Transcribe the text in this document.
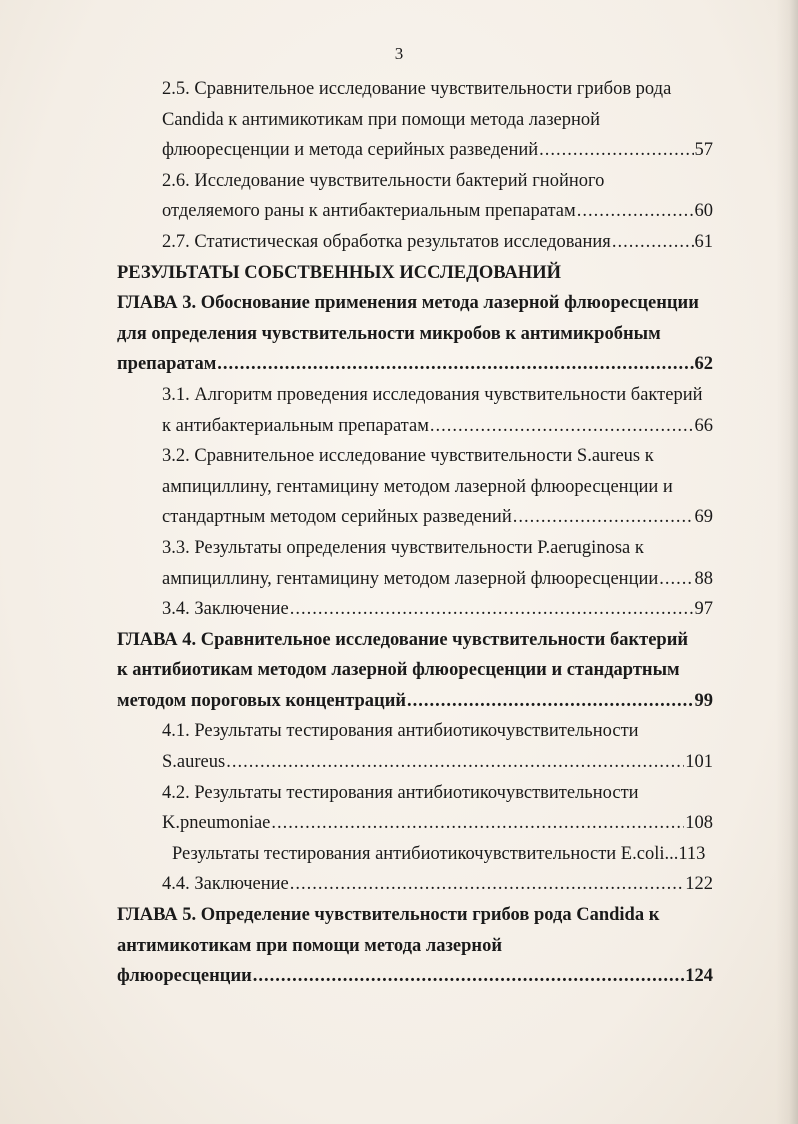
3
2.5. Сравнительное исследование чувствительности грибов рода
Candida к антимикотикам при помощи метода лазерной
флюоресценции и метода серийных разведений .....	57
2.6. Исследование чувствительности бактерий гнойного
отделяемого раны к антибактериальным препаратам .....	60
2.7. Статистическая обработка результатов исследования .....	61
РЕЗУЛЬТАТЫ СОБСТВЕННЫХ ИССЛЕДОВАНИЙ
ГЛАВА 3. Обоснование применения метода лазерной флюоресценции
для определения чувствительности микробов к антимикробным
препаратам .....	62
3.1. Алгоритм проведения исследования чувствительности бактерий
к антибактериальным препаратам .....	66
3.2. Сравнительное исследование чувствительности S.aureus к
ампициллину, гентамицину методом лазерной флюоресценции и
стандартным методом серийных разведений .....	69
3.3. Результаты определения чувствительности P.aeruginosa к
ампициллину, гентамицину методом лазерной флюоресценции ..... 88
3.4. Заключение .....	97
ГЛАВА 4. Сравнительное исследование чувствительности бактерий
к антибиотикам методом лазерной флюоресценции и стандартным
методом пороговых концентраций .....	99
4.1. Результаты тестирования антибиотикочувствительности
S.aureus .....	101
4.2. Результаты тестирования антибиотикочувствительности
K.pneumoniae .....	108
Результаты тестирования антибиотикочувствительности E.coli...113
4.4. Заключение .....	122
ГЛАВА 5. Определение чувствительности грибов рода Candida к
антимикотикам при помощи метода лазерной
флюоресценции .....	124
